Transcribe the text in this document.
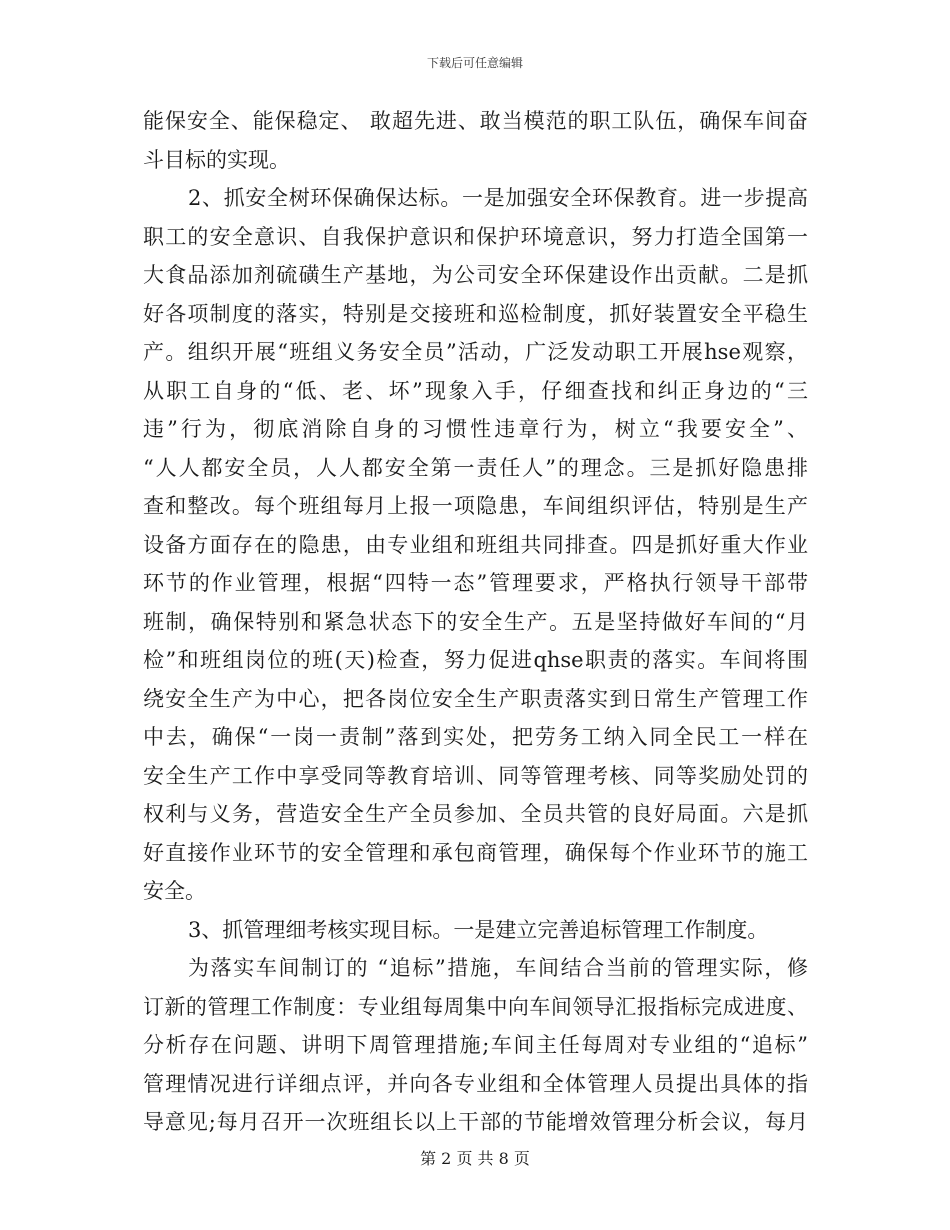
下载后可任意编辑
能保安全、能保稳定、 敢超先进、敢当模范的职工队伍，确保车间奋
斗目标的实现。
2、抓安全树环保确保达标。一是加强安全环保教育。进一步提高
职工的安全意识、自我保护意识和保护环境意识，努力打造全国第一
大食品添加剂硫磺生产基地，为公司安全环保建设作出贡献。二是抓
好各项制度的落实，特别是交接班和巡检制度，抓好装置安全平稳生
产。组织开展“班组义务安全员”活动，广泛发动职工开展hse观察，
从职工自身的“低、老、坏”现象入手，仔细查找和纠正身边的“三
违”行为，彻底消除自身的习惯性违章行为，树立“我要安全”、
“人人都安全员，人人都安全第一责任人”的理念。三是抓好隐患排
查和整改。每个班组每月上报一项隐患，车间组织评估，特别是生产
设备方面存在的隐患，由专业组和班组共同排查。四是抓好重大作业
环节的作业管理，根据“四特一态”管理要求，严格执行领导干部带
班制，确保特别和紧急状态下的安全生产。五是坚持做好车间的“月
检”和班组岗位的班(天)检查，努力促进qhse职责的落实。车间将围
绕安全生产为中心，把各岗位安全生产职责落实到日常生产管理工作
中去，确保“一岗一责制”落到实处，把劳务工纳入同全民工一样在
安全生产工作中享受同等教育培训、同等管理考核、同等奖励处罚的
权利与义务，营造安全生产全员参加、全员共管的良好局面。六是抓
好直接作业环节的安全管理和承包商管理，确保每个作业环节的施工
安全。
3、抓管理细考核实现目标。一是建立完善追标管理工作制度。
为落实车间制订的 “追标”措施，车间结合当前的管理实际，修
订新的管理工作制度：专业组每周集中向车间领导汇报指标完成进度、
分析存在问题、讲明下周管理措施;车间主任每周对专业组的“追标”
管理情况进行详细点评，并向各专业组和全体管理人员提出具体的指
导意见;每月召开一次班组长以上干部的节能增效管理分析会议，每月
第 2 页 共 8 页
